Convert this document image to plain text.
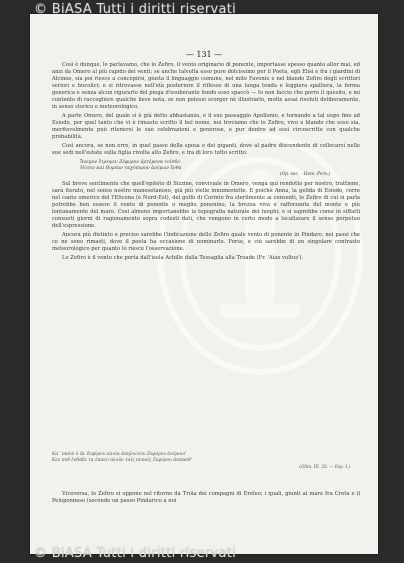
— 131 —

Così è dunque, lo parlavamo, che lo Zefiro, il vento originario di ponente, importasse spesso quanto allor mai, ed anzi da Omero al più rapido dei venti; se anche talvolta esso pure dolcissimo per il Poeta, egli Elisi e fra i giardini di Alcinoo, sia poi riesce a concepirsi, giusta il linguaggio comune, nel mite Favonio e nel blando Zefiro degli scrittori seriori e bucolici; e si ritrovasse nell'età posteriore il riflesso di una lunga tenda e leggiera spalliera, la forma generica e senza alcun rigurarlo del piega d'esuberante fondo esso spaccò — Io non faccio che porre il quesito, e mi contento di raccogliere qualche lieve nota, se non potessi scorger nè illustrarlo, molte assai risoluti deliberamente, in senso storico e meteorologico.

A parte Omero, del quale si è già detto abbastanza, e il suo passaggio Apollonio, e tornando a tal uopo fino ad Esiodo, per quel tanto che vi è rimasto scritto il bel nome, noi troviamo che lo Zefiro, vivo e blando che esso sia, meritevolmente può ritenersi le sue celebrazioni e generose, e pur dentro ad essi circoscritte con qualche probabilità.

Così ancora, se non erro, in quel passo della sposa e dei giganti, dove al padre discendente di collocarsi nelle sue sedi nell'estate sulla figlia rivolta allo Zefiro, e tra di loro tutto scritto:

Ἄνεμον ἔτρεψεν Ζέφυρον ἀρτέμονα τοῖσδε·
Νότον καὶ Βορέαν ταχύπορον ἀνέμων ἔνθα
(Op. sec. - Hom.-Pers.)

Sul breve sentimento che quell'epiteto di Sizzine, conviviale in Omero, venga qui rendotto per nostro, trattiene, sarà iterato, nel senso nostro manosetanoso, già più vielle innumeriette. E poichè Anna, la gelida di Esiodo, corre nel canto omerico del l'Elicona (e Nord-Est), del golfo di Corinto fra sterilmente ai consenti, lo Zefiro di cui si parla potrebbe ben essere il vento di ponente o meglio ponenino, la brezza viva e rafforzante del monte e più lontanamente del mare. Cosi almeno importanebbe la topografia naturale dei luoghi; e si saprebbe come in siffatti consueti giorni di ragionamento sopra codesti dati, che vengono in certo modo a localizzare il senso perpetuo dell'espressione.

Ancora più distinto e preciso sarebbe l'indicazione dello Zefiro quale vento di ponente in Pindaro, nei passi che ce ne sono rimasti, dove il poeta ha occasione di nominarlo. Forse, e ciò sarebbe di un singolare contrasto meteorologico per quanto lo riesce l'osservazione.

Lo Zefiro è il vento che porta dall'isola Achille dalla Tessaglia alla Troade (Fr. 'Aiax vultus').

Κα᾽ πασῶ ὁ ἐκ Ζεφύρου πλοία ἀπηλιώτου Ζεφύρου ἀνέμοιο'
Κεν ποθ ἐνθάδε τα ἐπανῦ πλοῦν ταῖς πνοαῖς Ζεφύρου ἀσπασθ'
(Olim. III. 28. — Esp. I.)

Viceversa, lo Zefiro si oppone nel ritorno da Troia dei compagni di Ereleo; i quali, giunti al mare fra Creta e il Peloponneso (secondo un passo Pindarico a noi

© BiASA Tutti i diritti riservati
© BiASA Tutti i diritti riservati
